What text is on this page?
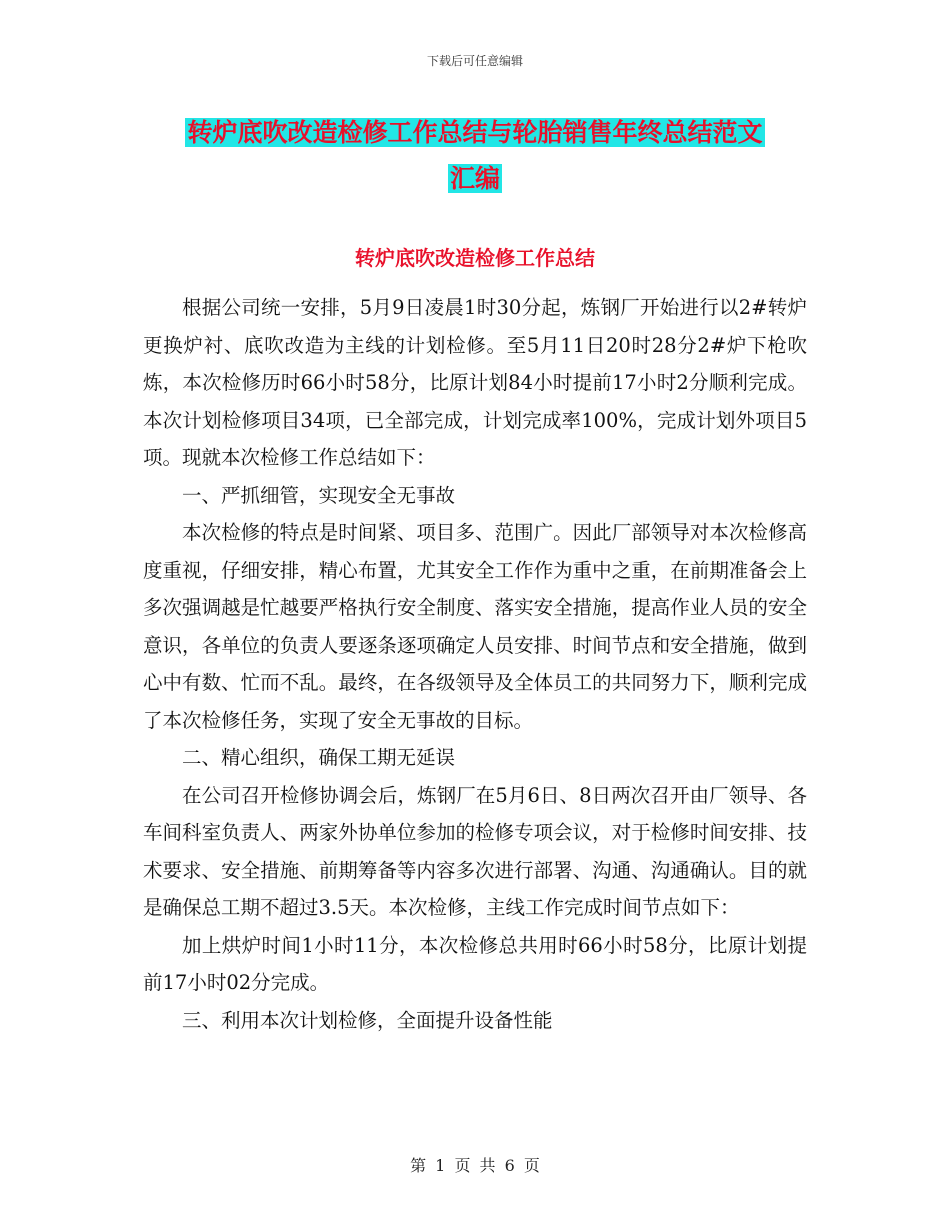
下载后可任意编辑
转炉底吹改造检修工作总结与轮胎销售年终总结范文
汇编
转炉底吹改造检修工作总结

根据公司统一安排，5月9日凌晨1时30分起，炼钢厂开始进行以2#转炉更换炉衬、底吹改造为主线的计划检修。至5月11日20时28分2#炉下枪吹炼，本次检修历时66小时58分，比原计划84小时提前17小时2分顺利完成。本次计划检修项目34项，已全部完成，计划完成率100%，完成计划外项目5项。现就本次检修工作总结如下：

一、严抓细管，实现安全无事故

本次检修的特点是时间紧、项目多、范围广。因此厂部领导对本次检修高度重视，仔细安排，精心布置，尤其安全工作作为重中之重，在前期准备会上多次强调越是忙越要严格执行安全制度、落实安全措施，提高作业人员的安全意识，各单位的负责人要逐条逐项确定人员安排、时间节点和安全措施，做到心中有数、忙而不乱。最终，在各级领导及全体员工的共同努力下，顺利完成了本次检修任务，实现了安全无事故的目标。

二、精心组织，确保工期无延误

在公司召开检修协调会后，炼钢厂在5月6日、8日两次召开由厂领导、各车间科室负责人、两家外协单位参加的检修专项会议，对于检修时间安排、技术要求、安全措施、前期筹备等内容多次进行部署、沟通、沟通确认。目的就是确保总工期不超过3.5天。本次检修，主线工作完成时间节点如下：

加上烘炉时间1小时11分，本次检修总共用时66小时58分，比原计划提前17小时02分完成。

三、利用本次计划检修，全面提升设备性能

第 1 页 共 6 页
